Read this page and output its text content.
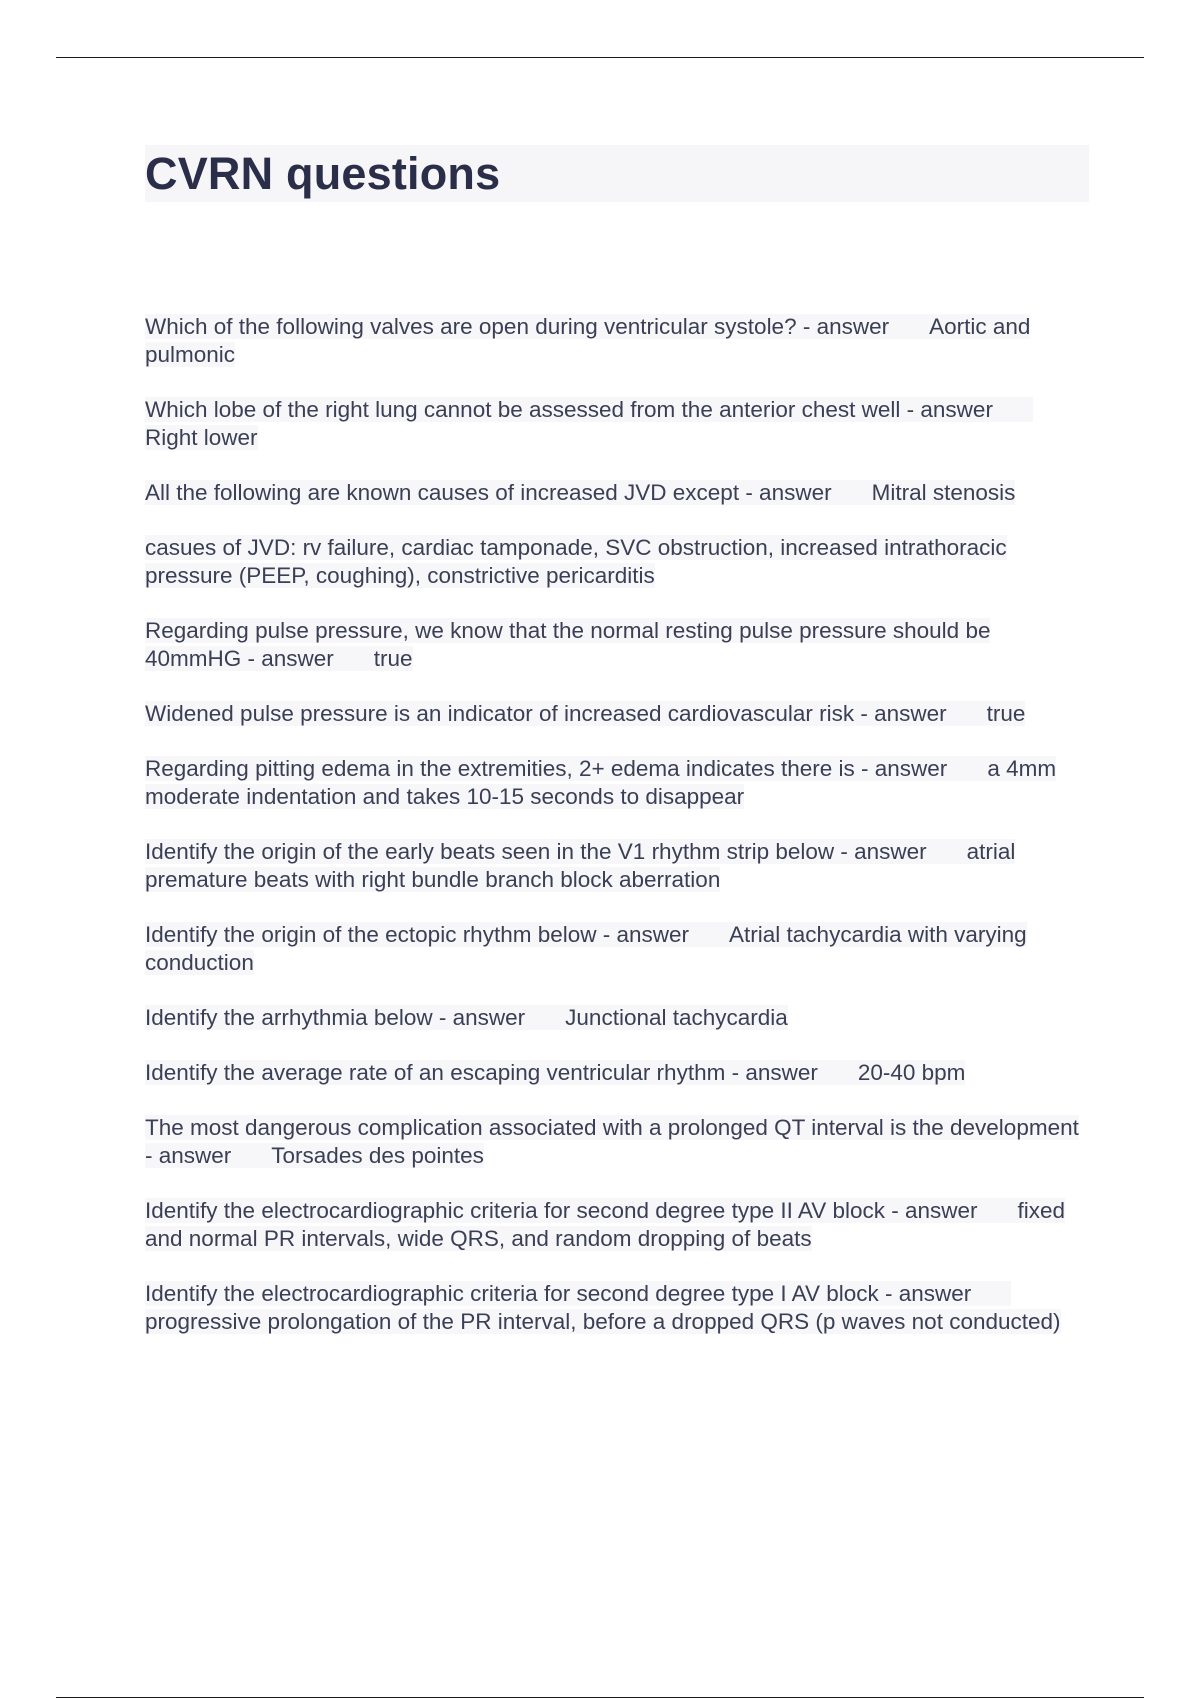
CVRN questions
Which of the following valves are open during ventricular systole? - answer Aortic and pulmonic
Which lobe of the right lung cannot be assessed from the anterior chest well - answerRight lower
All the following are known causes of increased JVD except - answer Mitral stenosis
casues of JVD: rv failure, cardiac tamponade, SVC obstruction, increased intrathoracic pressure (PEEP, coughing), constrictive pericarditis
Regarding pulse pressure, we know that the normal resting pulse pressure should be 40mmHG - answer true
Widened pulse pressure is an indicator of increased cardiovascular risk - answer true
Regarding pitting edema in the extremities, 2+ edema indicates there is - answer a 4mm moderate indentation and takes 10-15 seconds to disappear
Identify the origin of the early beats seen in the V1 rhythm strip below - answer atrial premature beats with right bundle branch block aberration
Identify the origin of the ectopic rhythm below - answer Atrial tachycardia with varying conduction
Identify the arrhythmia below - answer Junctional tachycardia
Identify the average rate of an escaping ventricular rhythm - answer 20-40 bpm
The most dangerous complication associated with a prolonged QT interval is the development - answer Torsades des pointes
Identify the electrocardiographic criteria for second degree type II AV block - answer fixed and normal PR intervals, wide QRS, and random dropping of beats
Identify the electrocardiographic criteria for second degree type I AV block - answerprogressive prolongation of the PR interval, before a dropped QRS (p waves not conducted)
